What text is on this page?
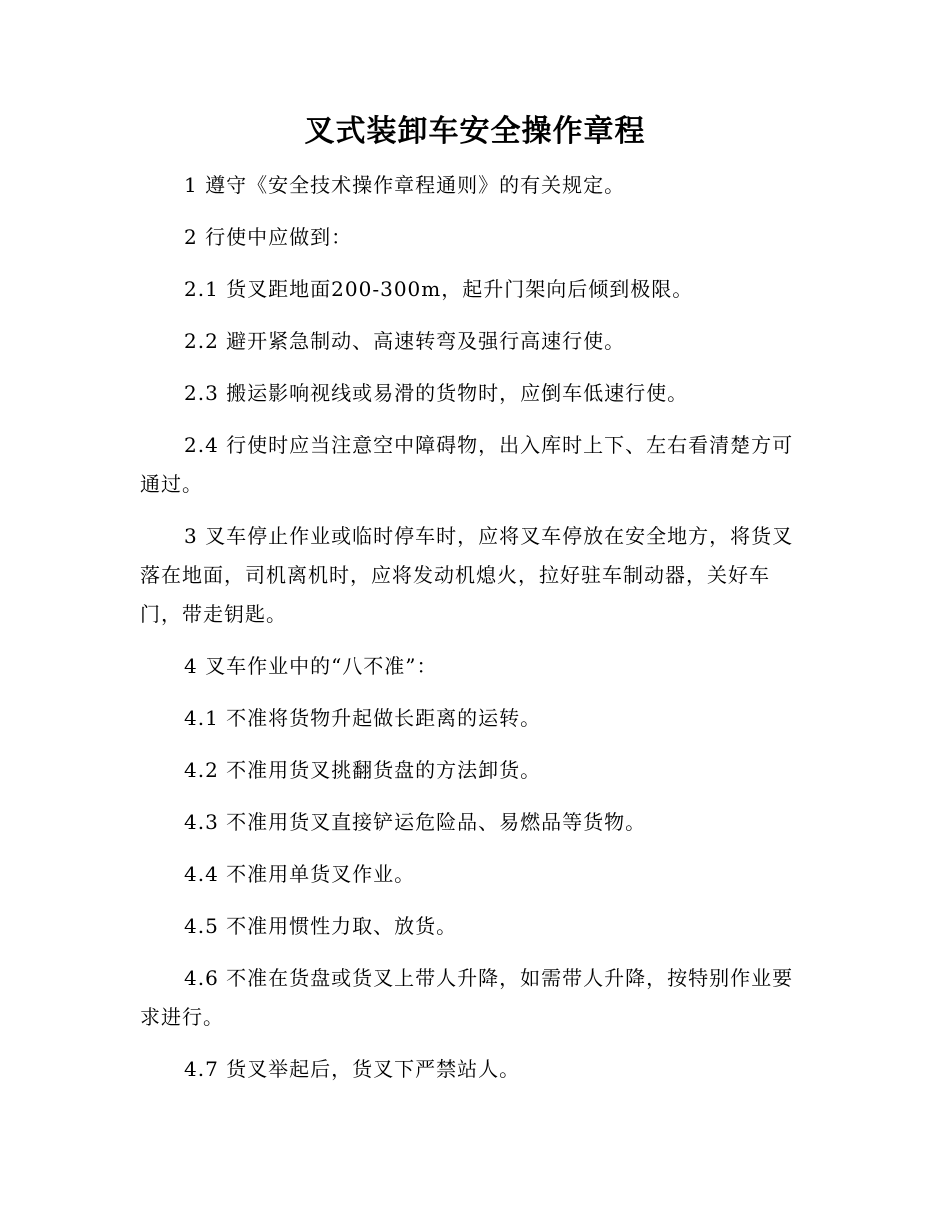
叉式装卸车安全操作章程

1 遵守《安全技术操作章程通则》的有关规定。

2 行使中应做到：

2.1 货叉距地面200-300m，起升门架向后倾到极限。

2.2 避开紧急制动、高速转弯及强行高速行使。

2.3 搬运影响视线或易滑的货物时，应倒车低速行使。

2.4 行使时应当注意空中障碍物，出入库时上下、左右看清楚方可通过。

3 叉车停止作业或临时停车时，应将叉车停放在安全地方，将货叉落在地面，司机离机时，应将发动机熄火，拉好驻车制动器，关好车门，带走钥匙。

4 叉车作业中的“八不准”：

4.1 不准将货物升起做长距离的运转。

4.2 不准用货叉挑翻货盘的方法卸货。

4.3 不准用货叉直接铲运危险品、易燃品等货物。

4.4 不准用单货叉作业。

4.5 不准用惯性力取、放货。

4.6 不准在货盘或货叉上带人升降，如需带人升降，按特别作业要求进行。

4.7 货叉举起后，货叉下严禁站人。
